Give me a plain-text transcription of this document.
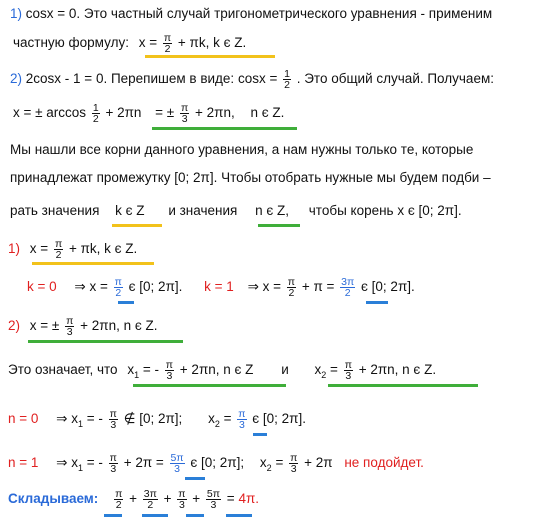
1) cosx = 0. Это частный случай тригонометрического уравнения - применим
частную формулу: $x = \frac{\pi}{2} + \pi k$, k є Z.
2) 2cosx - 1 = 0. Перепишем в виде: $\cos x = \frac{1}{2}$ . Это общий случай. Получаем:
x = ± $\arccos \frac{1}{2} + 2\pi n$ = ± $\frac{\pi}{3} + 2\pi n$, n є Z.
Мы нашли все корни данного уравнения, а нам нужны только те, которые
принадлежат промежутку [0; 2π]. Чтобы отобрать нужные мы будем подби –
рать значения k є Z и значения n є Z, чтобы корень x є [0; 2π].
1) $x = \frac{\pi}{2} + \pi k$, k є Z.
k = 0 ⇒ $x = \frac{\pi}{2}$ є [0; 2π]. k = 1 ⇒ $x = \frac{\pi}{2} + \pi = \frac{3\pi}{2}$ є [0; 2π].
2) x = ± $\frac{\pi}{3} + 2\pi n$, n є Z.
Это означает, что $x_1$ = - $\frac{\pi}{3} + 2\pi n$, n є Z и $x_2 = \frac{\pi}{3} + 2\pi n$, n є Z.
n = 0 ⇒ $x_1$ = - $\frac{\pi}{3}$ ∉ [0; 2π]; $x_2 = \frac{\pi}{3}$ є [0; 2π].
n = 1 ⇒ $x_1$ = - $\frac{\pi}{3} + 2\pi = \frac{5\pi}{3}$ є [0; 2π]; $x_2 = \frac{\pi}{3} + 2\pi$ не подойдет.
Складываем: $\frac{\pi}{2} + \frac{3\pi}{2} + \frac{\pi}{3} + \frac{5\pi}{3} = 4\pi$.
